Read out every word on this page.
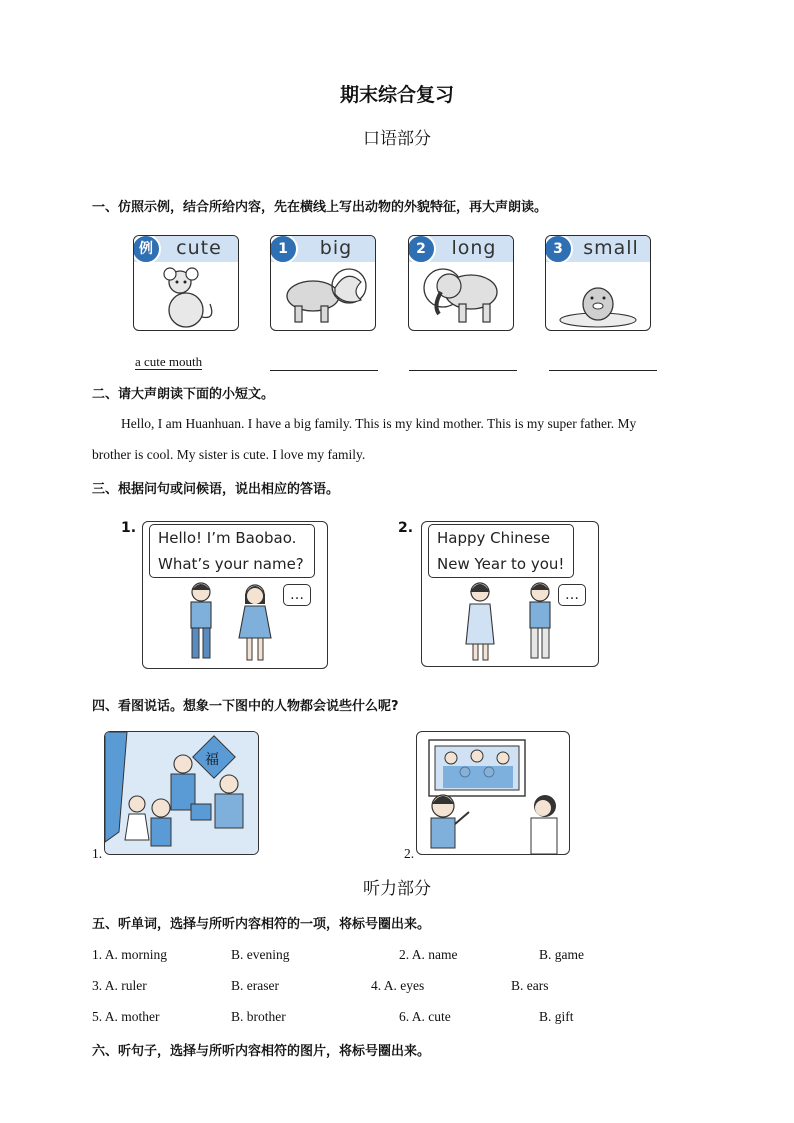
期末综合复习
口语部分
一、仿照示例，结合所给内容，先在横线上写出动物的外貌特征，再大声朗读。
例	cute	1	big	2	long	3	small
a cute mouth
二、请大声朗读下面的小短文。
Hello, I am Huanhuan. I have a big family. This is my kind mother. This is my super father. My
brother is cool. My sister is cute. I love my family.
三、根据问句或问候语，说出相应的答语。
1.
Hello! I’m Baobao.
What’s your name?
…
2.
Happy Chinese
New Year to you!
…
四、看图说话。想象一下图中的人物都会说些什么呢?
1.
福
2.
听力部分
五、听单词，选择与所听内容相符的一项，将标号圈出来。
1. A. morning	B. evening	2. A. name	B. game
3. A. ruler	B. eraser	4. A. eyes	B. ears
5. A. mother	B. brother	6. A. cute	B. gift
六、听句子，选择与所听内容相符的图片，将标号圈出来。
